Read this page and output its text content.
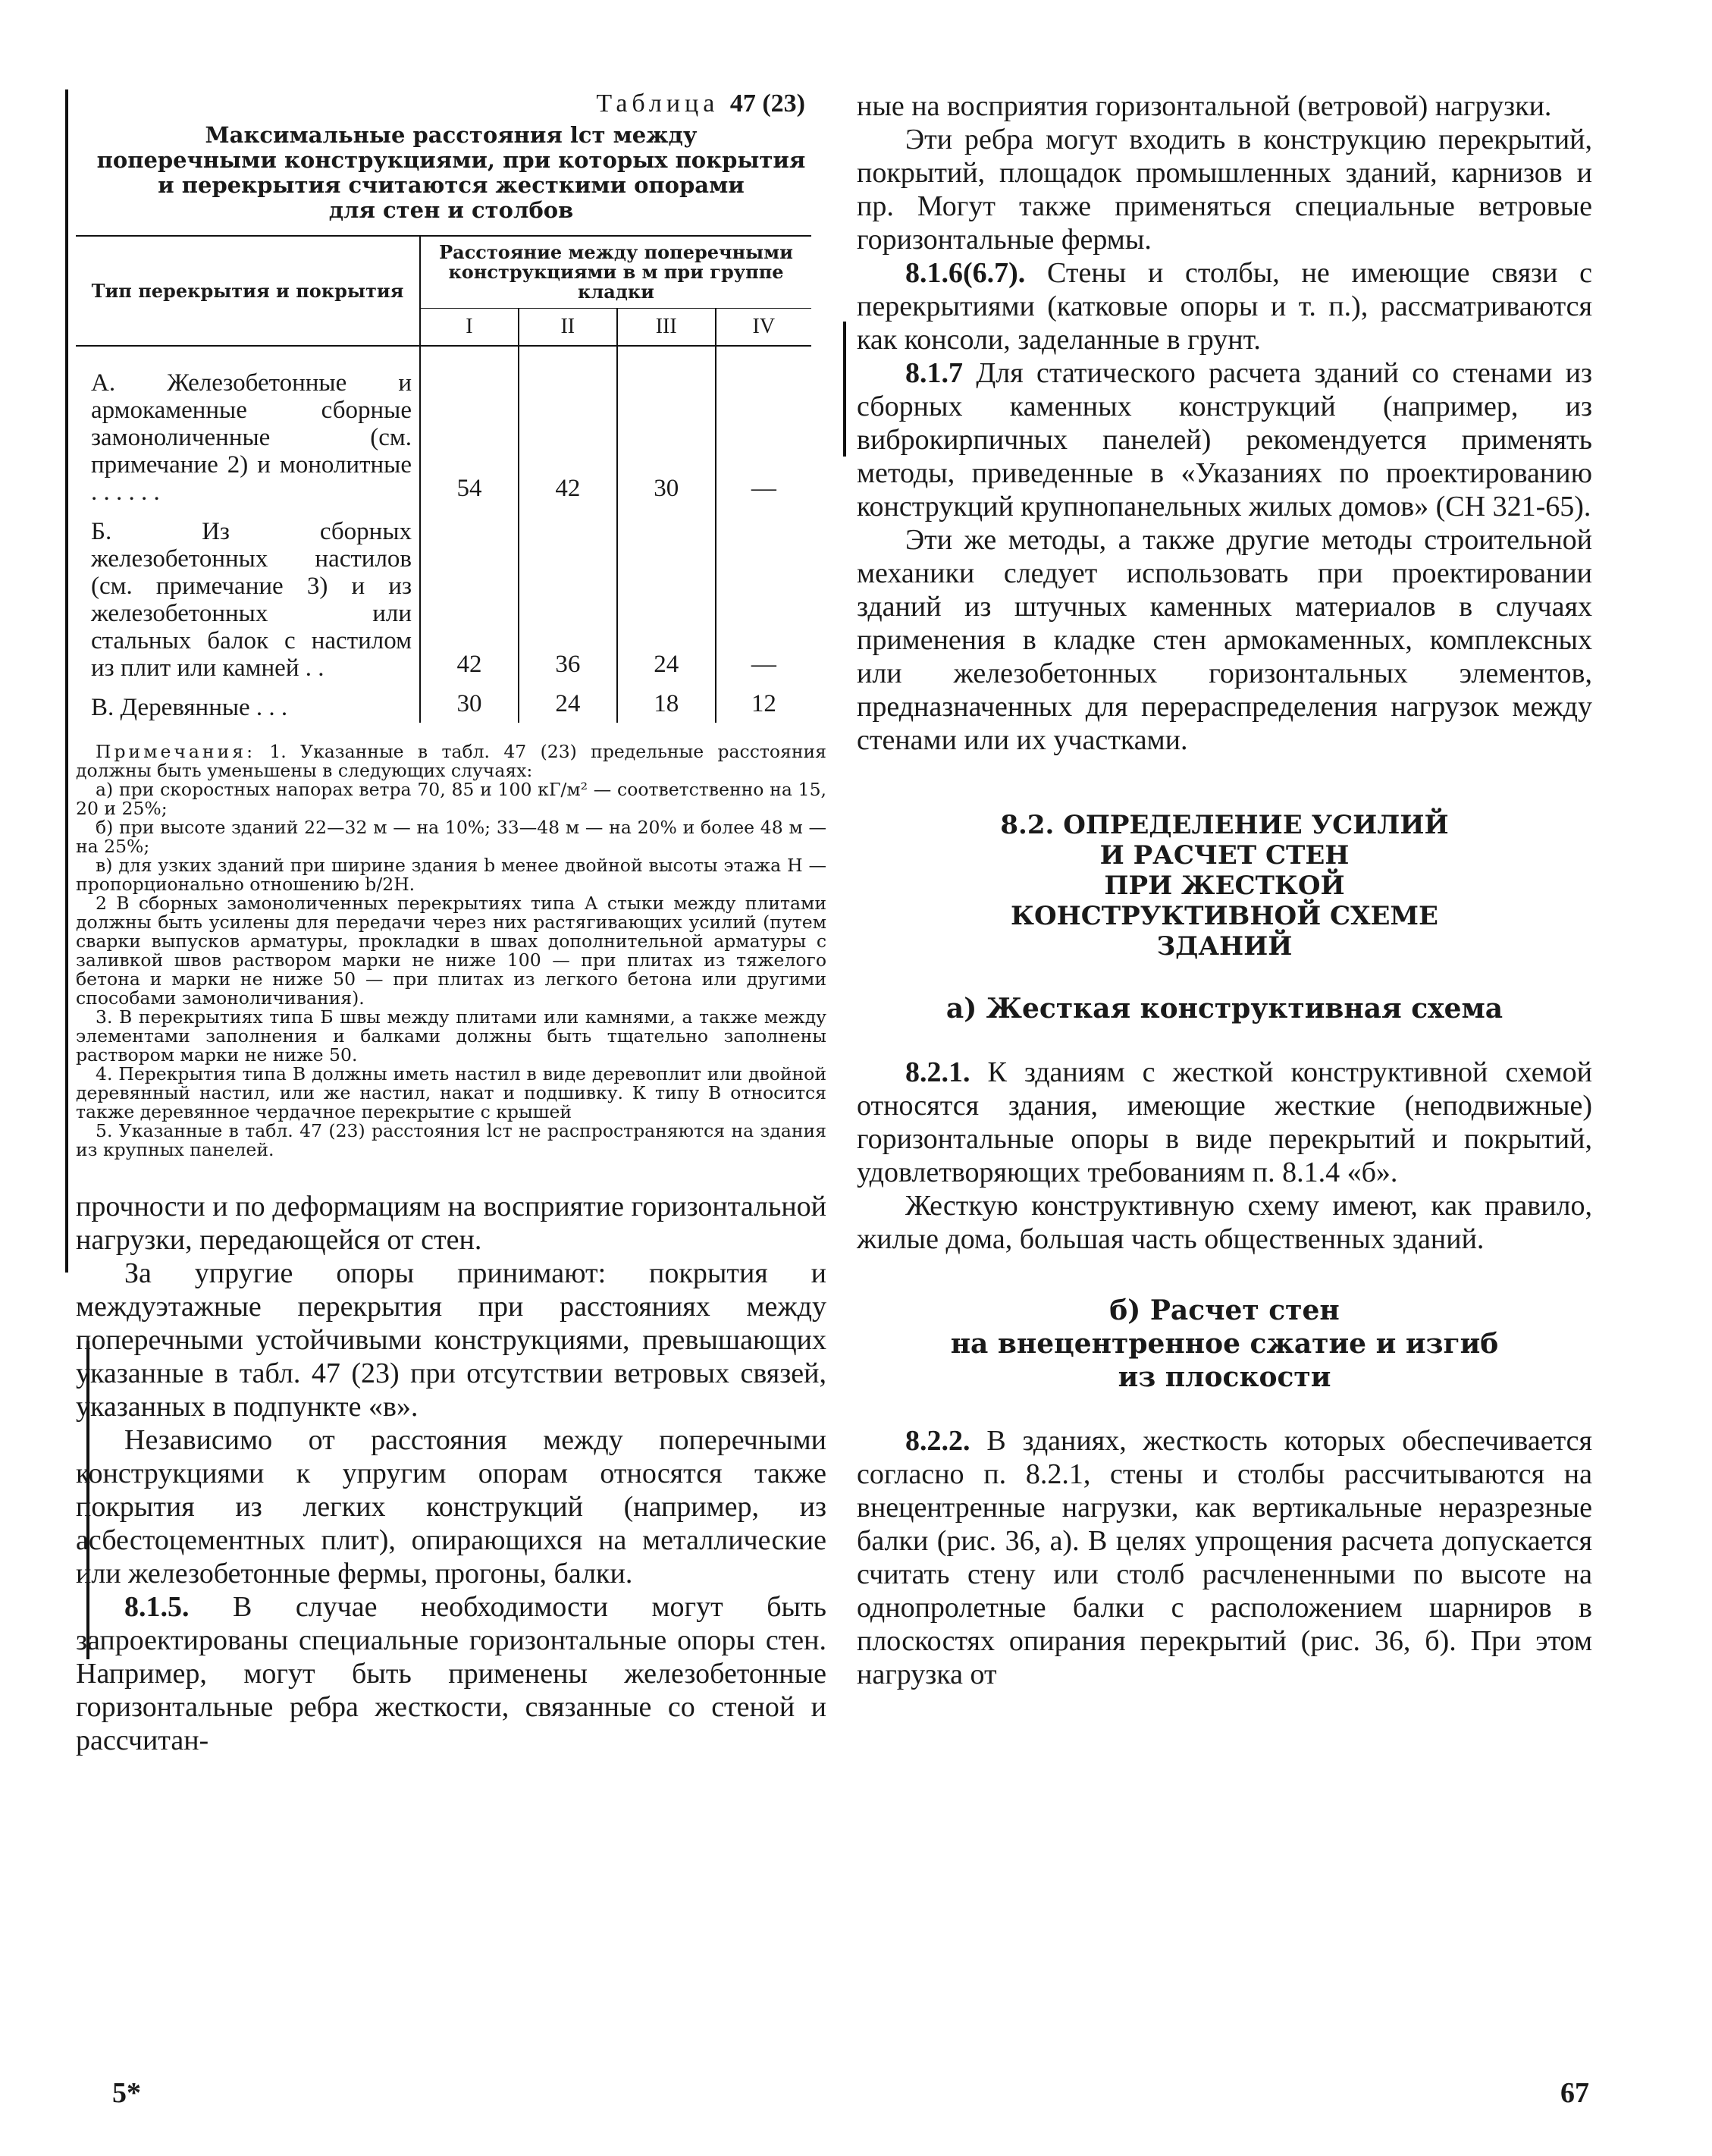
Таблица 47 (23)
Максимальные расстояния lст между
поперечными конструкциями, при которых покрытия
и перекрытия считаются жесткими опорами
для стен и столбов
Тип перекрытия и покрытия	Расстояние между поперечными конструкциями в м при группе кладки			
	I	II	III	IV
А. Железобетонные и армокаменные сборные замоноличенные (см. примечание 2) и монолитные . . . . . .	54	42	30	—
Б. Из сборных железобетонных настилов (см. примечание 3) и из железобетонных или стальных балок с настилом из плит или камней . .	42	36	24	—
В. Деревянные . . .	30	24	18	12

Примечания: 1. Указанные в табл. 47 (23) предельные расстояния должны быть уменьшены в следующих случаях:

а) при скоростных напорах ветра 70, 85 и 100 кГ/м² — соответственно на 15, 20 и 25%;

б) при высоте зданий 22—32 м — на 10%; 33—48 м — на 20% и более 48 м — на 25%;

в) для узких зданий при ширине здания b менее двойной высоты этажа H — пропорционально отношению b/2H.

2 В сборных замоноличенных перекрытиях типа А стыки между плитами должны быть усилены для передачи через них растягивающих усилий (путем сварки выпусков арматуры, прокладки в швах дополнительной арматуры с заливкой швов раствором марки не ниже 100 — при плитах из тяжелого бетона и марки не ниже 50 — при плитах из легкого бетона или другими способами замоноличивания).

3. В перекрытиях типа Б швы между плитами или камнями, а также между элементами заполнения и балками должны быть тщательно заполнены раствором марки не ниже 50.

4. Перекрытия типа В должны иметь настил в виде деревоплит или двойной деревянный настил, или же настил, накат и подшивку. К типу В относится также деревянное чердачное перекрытие с крышей

5. Указанные в табл. 47 (23) расстояния lст не распространяются на здания из крупных панелей.

прочности и по деформациям на восприятие горизонтальной нагрузки, передающейся от стен.

За упругие опоры принимают: покрытия и междуэтажные перекрытия при расстояниях между поперечными устойчивыми конструкциями, превышающих указанные в табл. 47 (23) при отсутствии ветровых связей, указанных в подпункте «в».

Независимо от расстояния между поперечными конструкциями к упругим опорам относятся также покрытия из легких конструкций (например, из асбестоцементных плит), опирающихся на металлические или железобетонные фермы, прогоны, балки.

8.1.5. В случае необходимости могут быть запроектированы специальные горизонтальные опоры стен. Например, могут быть применены железобетонные горизонтальные ребра жесткости, связанные со стеной и рассчитан-

ные на восприятия горизонтальной (ветровой) нагрузки.

Эти ребра могут входить в конструкцию перекрытий, покрытий, площадок промышленных зданий, карнизов и пр. Могут также применяться специальные ветровые горизонтальные фермы.

8.1.6(6.7). Стены и столбы, не имеющие связи с перекрытиями (катковые опоры и т. п.), рассматриваются как консоли, заделанные в грунт.

8.1.7 Для статического расчета зданий со стенами из сборных каменных конструкций (например, из виброкирпичных панелей) рекомендуется применять методы, приведенные в «Указаниях по проектированию конструкций крупнопанельных жилых домов» (СН 321-65).

Эти же методы, а также другие методы строительной механики следует использовать при проектировании зданий из штучных каменных материалов в случаях применения в кладке стен армокаменных, комплексных или железобетонных горизонтальных элементов, предназначенных для перераспределения нагрузок между стенами или их участками.

8.2. ОПРЕДЕЛЕНИЕ УСИЛИЙ
И РАСЧЕТ СТЕН
ПРИ ЖЕСТКОЙ
КОНСТРУКТИВНОЙ СХЕМЕ
ЗДАНИЙ
а) Жесткая конструктивная схема

8.2.1. К зданиям с жесткой конструктивной схемой относятся здания, имеющие жесткие (неподвижные) горизонтальные опоры в виде перекрытий и покрытий, удовлетворяющих требованиям п. 8.1.4 «б».

Жесткую конструктивную схему имеют, как правило, жилые дома, большая часть общественных зданий.

б) Расчет стен
на внецентренное сжатие и изгиб
из плоскости

8.2.2. В зданиях, жесткость которых обеспечивается согласно п. 8.2.1, стены и столбы рассчитываются на внецентренные нагрузки, как вертикальные неразрезные балки (рис. 36, а). В целях упрощения расчета допускается считать стену или столб расчлененными по высоте на однопролетные балки с расположением шарниров в плоскостях опирания перекрытий (рис. 36, б). При этом нагрузка от

5*	67
